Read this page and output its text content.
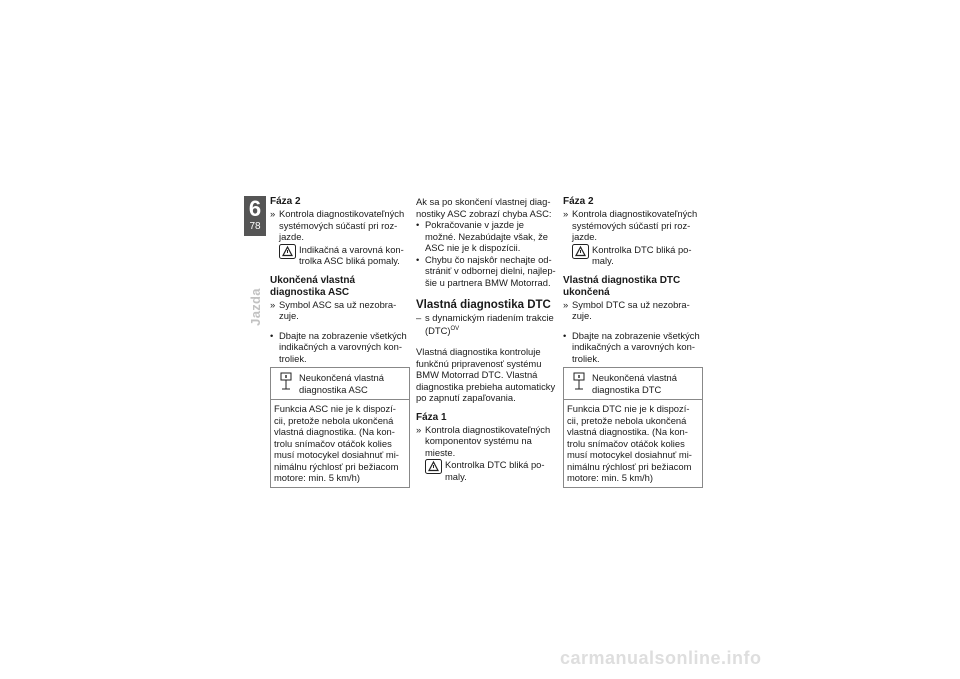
6
78
Jazda
Fáza 2
» Kontrola diagnostikovateľných systémových súčastí pri roz-jazde.
Indikačná a varovná kon-trolka ASC bliká pomaly.
Ukončená vlastná diagnostika ASC
» Symbol ASC sa už nezobra-zuje.
• Dbajte na zobrazenie všetkých indikačných a varovných kon-troliek.
Neukončená vlastná diagnostika ASC
Funkcia ASC nie je k dispozí-cii, pretože nebola ukončená vlastná diagnostika. (Na kon-trolu snímačov otáčok kolies musí motocykel dosiahnuť mi-nimálnu rýchlosť pri bežiacom motore: min. 5 km/h)

Ak sa po skončení vlastnej diag-nostiky ASC zobrazí chyba ASC:

• Pokračovanie v jazde je možné. Nezabúdajte však, že ASC nie je k dispozícii.
• Chybu čo najskôr nechajte od-strániť v odbornej dielni, najlep-šie u partnera BMW Motorrad.
Vlastná diagnostika DTC
– s dynamickým riadením trakcie (DTC)$^{OV}$

Vlastná diagnostika kontroluje funkčnú pripravenosť systému BMW Motorrad DTC. Vlastná diagnostika prebieha automaticky po zapnutí zapaľovania.

Fáza 1
» Kontrola diagnostikovateľných komponentov systému na mieste.
Kontrolka DTC bliká po-maly.
Fáza 2
» Kontrola diagnostikovateľných systémových súčastí pri roz-jazde.
Kontrolka DTC bliká po-maly.
Vlastná diagnostika DTC ukončená
» Symbol DTC sa už nezobra-zuje.
• Dbajte na zobrazenie všetkých indikačných a varovných kon-troliek.
Neukončená vlastná diagnostika DTC
Funkcia DTC nie je k dispozí-cii, pretože nebola ukončená vlastná diagnostika. (Na kon-trolu snímačov otáčok kolies musí motocykel dosiahnuť mi-nimálnu rýchlosť pri bežiacom motore: min. 5 km/h)
carmanualsonline.info
